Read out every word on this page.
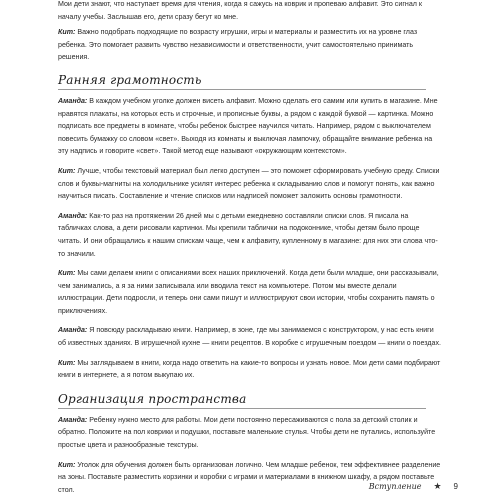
Мои дети знают, что наступает время для чтения, когда я сажусь на коврик и пропеваю алфавит. Это сигнал к началу учебы. Заслышав его, дети сразу бегут ко мне.

Кит: Важно подобрать подходящие по возрасту игрушки, игры и материалы и разместить их на уровне глаз ребенка. Это помогает развить чувство независимости и ответственности, учит самостоятельно принимать решения.

Ранняя грамотность

Аманда: В каждом учебном уголке должен висеть алфавит. Можно сделать его самим или купить в магазине. Мне нравятся плакаты, на которых есть и строчные, и прописные буквы, а рядом с каждой буквой — картинка. Можно подписать все предметы в комнате, чтобы ребенок быстрее научился читать. Например, рядом с выключателем повесить бумажку со словом «свет». Выходя из комнаты и выключая лампочку, обращайте внимание ребенка на эту надпись и говорите «свет». Такой метод еще называют «окружающим контекстом».

Кит: Лучше, чтобы текстовый материал был легко доступен — это поможет сформировать учебную среду. Списки слов и буквы-магниты на холодильнике усилят интерес ребенка к складыванию слов и помогут понять, как важно научиться писать. Составление и чтение списков или надписей поможет заложить основы грамотности.

Аманда: Как-то раз на протяжении 26 дней мы с детьми ежедневно составляли списки слов. Я писала на табличках слова, а дети рисовали картинки. Мы крепили таблички на подоконнике, чтобы детям было проще читать. И они обращались к нашим спискам чаще, чем к алфавиту, купленному в магазине: для них эти слова что-то значили.

Кит: Мы сами делаем книги с описаниями всех наших приключений. Когда дети были младше, они рассказывали, чем занимались, а я за ними записывала или вводила текст на компьютере. Потом мы вместе делали иллюстрации. Дети подросли, и теперь они сами пишут и иллюстрируют свои истории, чтобы сохранить память о приключениях.

Аманда: Я повсюду раскладываю книги. Например, в зоне, где мы занимаемся с конструктором, у нас есть книги об известных зданиях. В игрушечной кухне — книги рецептов. В коробке с игрушечным поездом — книги о поездах.

Кит: Мы заглядываем в книги, когда надо ответить на какие-то вопросы и узнать новое. Мои дети сами подбирают книги в интернете, а я потом выкупаю их.

Организация пространства

Аманда: Ребенку нужно место для работы. Мои дети постоянно пересаживаются с пола за детский столик и обратно. Положите на пол коврики и подушки, поставьте маленькие стулья. Чтобы дети не путались, используйте простые цвета и разнообразные текстуры.

Кит: Уголок для обучения должен быть организован логично. Чем младше ребенок, тем эффективнее разделение на зоны. Поставьте разместить корзинки и коробки с играми и материалами в книжном шкафу, а рядом поставьте стол.	Вступление ★ 9
